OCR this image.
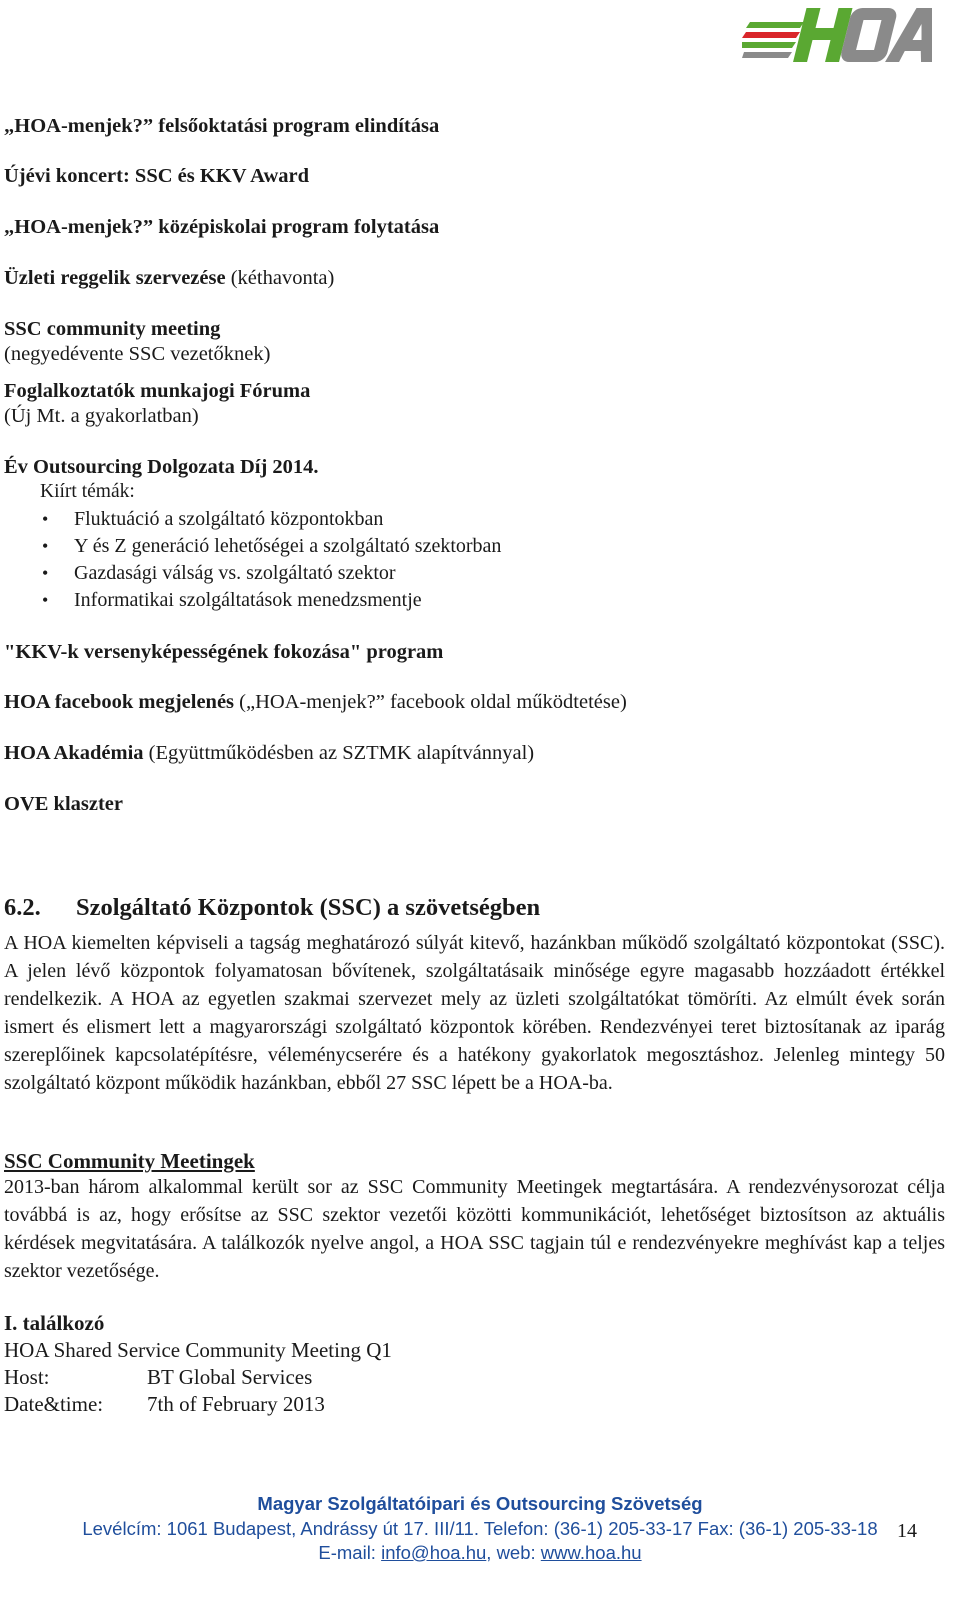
„HOA-menjek?” felsőoktatási program elindítása
Újévi koncert: SSC és KKV Award
„HOA-menjek?” középiskolai program folytatása
Üzleti reggelik szervezése (kéthavonta)
SSC community meeting
(negyedévente SSC vezetőknek)
Foglalkoztatók munkajogi Fóruma
(Új Mt. a gyakorlatban)
Év Outsourcing Dolgozata Díj 2014.
Kiírt témák:
• Fluktuáció a szolgáltató központokban
• Y és Z generáció lehetőségei a szolgáltató szektorban
• Gazdasági válság vs. szolgáltató szektor
• Informatikai szolgáltatások menedzsmentje
"KKV-k versenyképességének fokozása" program
HOA facebook megjelenés („HOA-menjek?” facebook oldal működtetése)
HOA Akadémia (Együttműködésben az SZTMK alapítvánnyal)
OVE klaszter
6.2. Szolgáltató Központok (SSC) a szövetségben
A HOA kiemelten képviseli a tagság meghatározó súlyát kitevő, hazánkban működő szolgáltató központokat (SSC). A jelen lévő központok folyamatosan bővítenek, szolgáltatásaik minősége egyre magasabb hozzáadott értékkel rendelkezik. A HOA az egyetlen szakmai szervezet mely az üzleti szolgáltatókat tömöríti. Az elmúlt évek során ismert és elismert lett a magyarországi szolgáltató központok körében. Rendezvényei teret biztosítanak az iparág szereplőinek kapcsolatépítésre, véleménycserére és a hatékony gyakorlatok megosztáshoz. Jelenleg mintegy 50 szolgáltató központ működik hazánkban, ebből 27 SSC lépett be a HOA-ba.
SSC Community Meetingek
2013-ban három alkalommal került sor az SSC Community Meetingek megtartására. A rendezvénysorozat célja továbbá is az, hogy erősítse az SSC szektor vezetői közötti kommunikációt, lehetőséget biztosítson az aktuális kérdések megvitatására. A találkozók nyelve angol, a HOA SSC tagjain túl e rendezvényekre meghívást kap a teljes szektor vezetősége.
I. találkozó
HOA Shared Service Community Meeting Q1
Host:	BT Global Services
Date&time: 7th of February 2013
14
Magyar Szolgáltatóipari és Outsourcing Szövetség
Levélcím: 1061 Budapest, Andrássy út 17. III/11. Telefon: (36-1) 205-33-17 Fax: (36-1) 205-33-18
E-mail: info@hoa.hu, web: www.hoa.hu
